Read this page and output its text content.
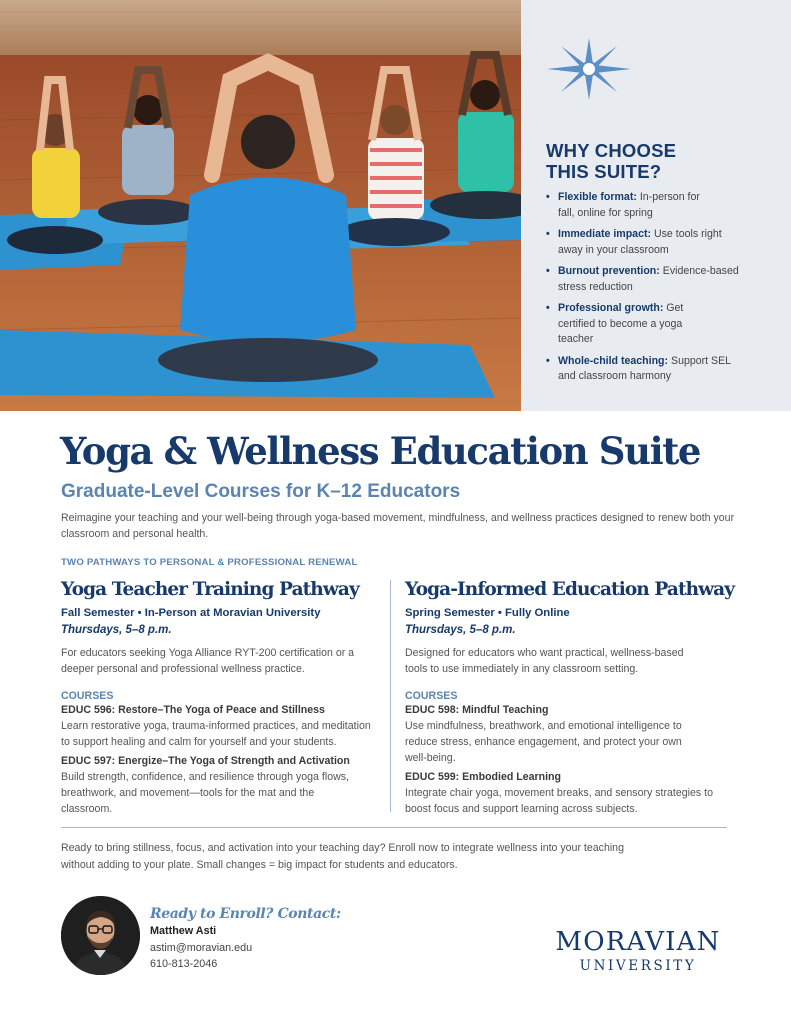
WHY CHOOSE
THIS SUITE?
• Flexible format: In-person for fall, online for spring
• Immediate impact: Use tools right away in your classroom
• Burnout prevention: Evidence-based stress reduction
• Professional growth: Get certified to become a yoga teacher
• Whole-child teaching: Support SEL and classroom harmony
Yoga & Wellness Education Suite
Graduate-Level Courses for K–12 Educators

Reimagine your teaching and your well-being through yoga-based movement, mindfulness, and wellness practices designed to renew both your classroom and personal health.

TWO PATHWAYS TO PERSONAL & PROFESSIONAL RENEWAL
Yoga Teacher Training Pathway
Fall Semester • In-Person at Moravian University
Thursdays, 5–8 p.m.

For educators seeking Yoga Alliance RYT-200 certification or a deeper personal and professional wellness practice.

COURSES
EDUC 596: Restore–The Yoga of Peace and Stillness

Learn restorative yoga, trauma-informed practices, and meditation to support healing and calm for yourself and your students.

EDUC 597: Energize–The Yoga of Strength and Activation

Build strength, confidence, and resilience through yoga flows, breathwork, and movement—tools for the mat and the classroom.

Yoga-Informed Education Pathway
Spring Semester • Fully Online
Thursdays, 5–8 p.m.

Designed for educators who want practical, wellness-based tools to use immediately in any classroom setting.

COURSES
EDUC 598: Mindful Teaching

Use mindfulness, breathwork, and emotional intelligence to reduce stress, enhance engagement, and protect your own well-being.

EDUC 599: Embodied Learning

Integrate chair yoga, movement breaks, and sensory strategies to boost focus and support learning across subjects.

Ready to bring stillness, focus, and activation into your teaching day? Enroll now to integrate wellness into your teaching without adding to your plate. Small changes = big impact for students and educators.

Ready to Enroll? Contact:
Matthew Asti
astim@moravian.edu
610-813-2046
MORAVIAN
UNIVERSITY
